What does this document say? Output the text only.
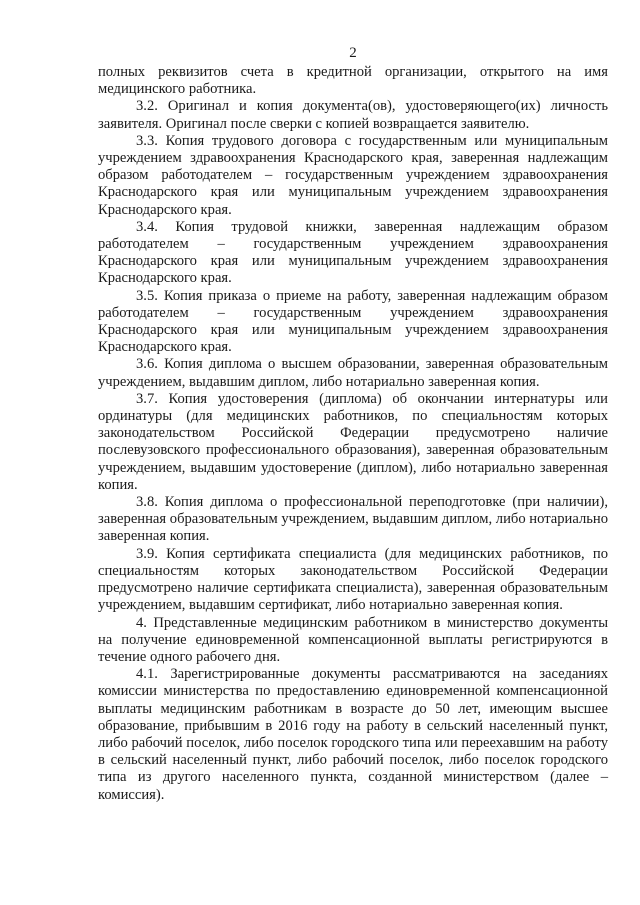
2

полных реквизитов счета в кредитной организации, открытого на имя медицинского работника.

3.2. Оригинал и копия документа(ов), удостоверяющего(их) личность заявителя. Оригинал после сверки с копией возвращается заявителю.

3.3. Копия трудового договора с государственным или муниципальным учреждением здравоохранения Краснодарского края, заверенная надлежащим образом работодателем – государственным учреждением здравоохранения Краснодарского края или муниципальным учреждением здравоохранения Краснодарского края.

3.4. Копия трудовой книжки, заверенная надлежащим образом работодателем – государственным учреждением здравоохранения Краснодарского края или муниципальным учреждением здравоохранения Краснодарского края.

3.5. Копия приказа о приеме на работу, заверенная надлежащим образом работодателем – государственным учреждением здравоохранения Краснодарского края или муниципальным учреждением здравоохранения Краснодарского края.

3.6. Копия диплома о высшем образовании, заверенная образовательным учреждением, выдавшим диплом, либо нотариально заверенная копия.

3.7. Копия удостоверения (диплома) об окончании интернатуры или ординатуры (для медицинских работников, по специальностям которых законодательством Российской Федерации предусмотрено наличие послевузовского профессионального образования), заверенная образовательным учреждением, выдавшим удостоверение (диплом), либо нотариально заверенная копия.

3.8. Копия диплома о профессиональной переподготовке (при наличии), заверенная образовательным учреждением, выдавшим диплом, либо нотариально заверенная копия.

3.9. Копия сертификата специалиста (для медицинских работников, по специальностям которых законодательством Российской Федерации предусмотрено наличие сертификата специалиста), заверенная образовательным учреждением, выдавшим сертификат, либо нотариально заверенная копия.

4. Представленные медицинским работником в министерство документы на получение единовременной компенсационной выплаты регистрируются в течение одного рабочего дня.

4.1. Зарегистрированные документы рассматриваются на заседаниях комиссии министерства по предоставлению единовременной компенсационной выплаты медицинским работникам в возрасте до 50 лет, имеющим высшее образование, прибывшим в 2016 году на работу в сельский населенный пункт, либо рабочий поселок, либо поселок городского типа или переехавшим на работу в сельский населенный пункт, либо рабочий поселок, либо поселок городского типа из другого населенного пункта, созданной министерством (далее – комиссия).
